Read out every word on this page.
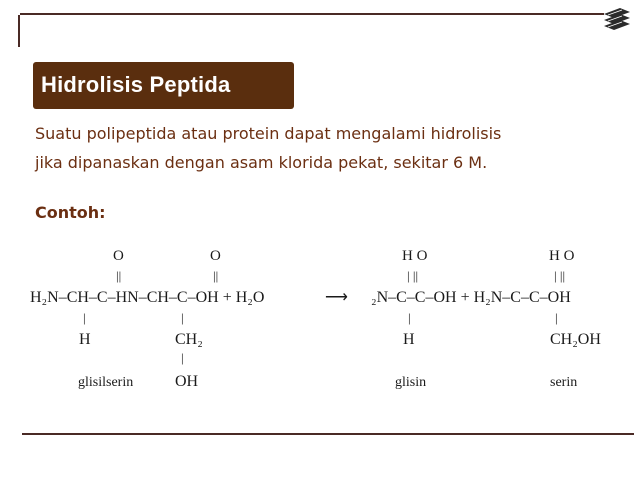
Hidrolisis Peptida
Suatu polipeptida atau protein dapat mengalami hidrolisis
jika dipanaskan dengan asam klorida pekat, sekitar 6 M.
Contoh:
O
||
O
||
H O
| ||
H O
| ||
H₂N–CH–C–HN–CH–C–OH + H₂O	⟶ ₂N–C–C–OH + H₂N–C–C–OH
|	|	|	|
H	CH₂	H	CH₂OH
|
OH
glisilserin	glisin	serin
